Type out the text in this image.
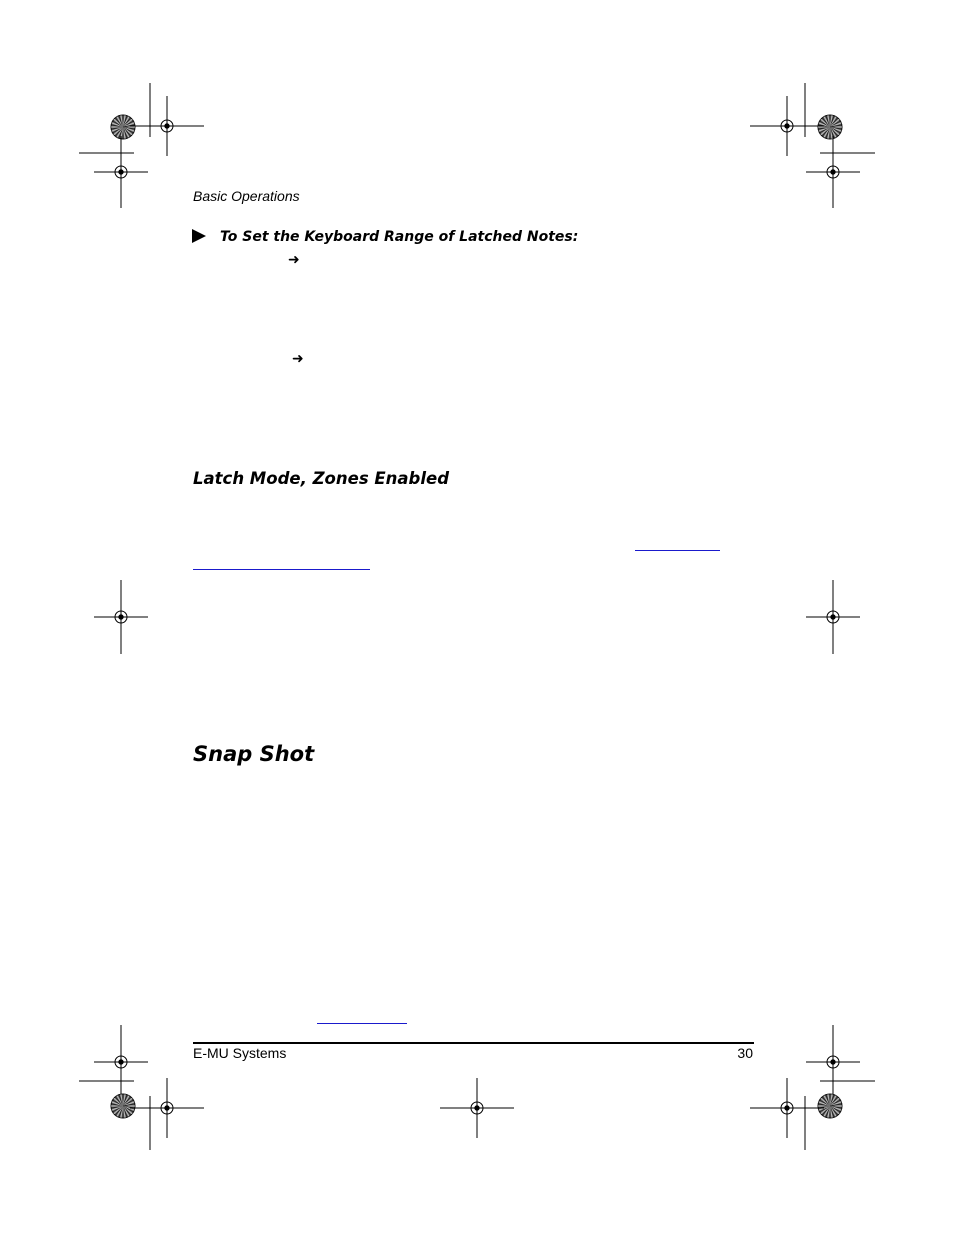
Basic Operations
To Set the Keyboard Range of Latched Notes:
➜
➜
Latch Mode, Zones Enabled
Snap Shot
E-MU Systems	30
